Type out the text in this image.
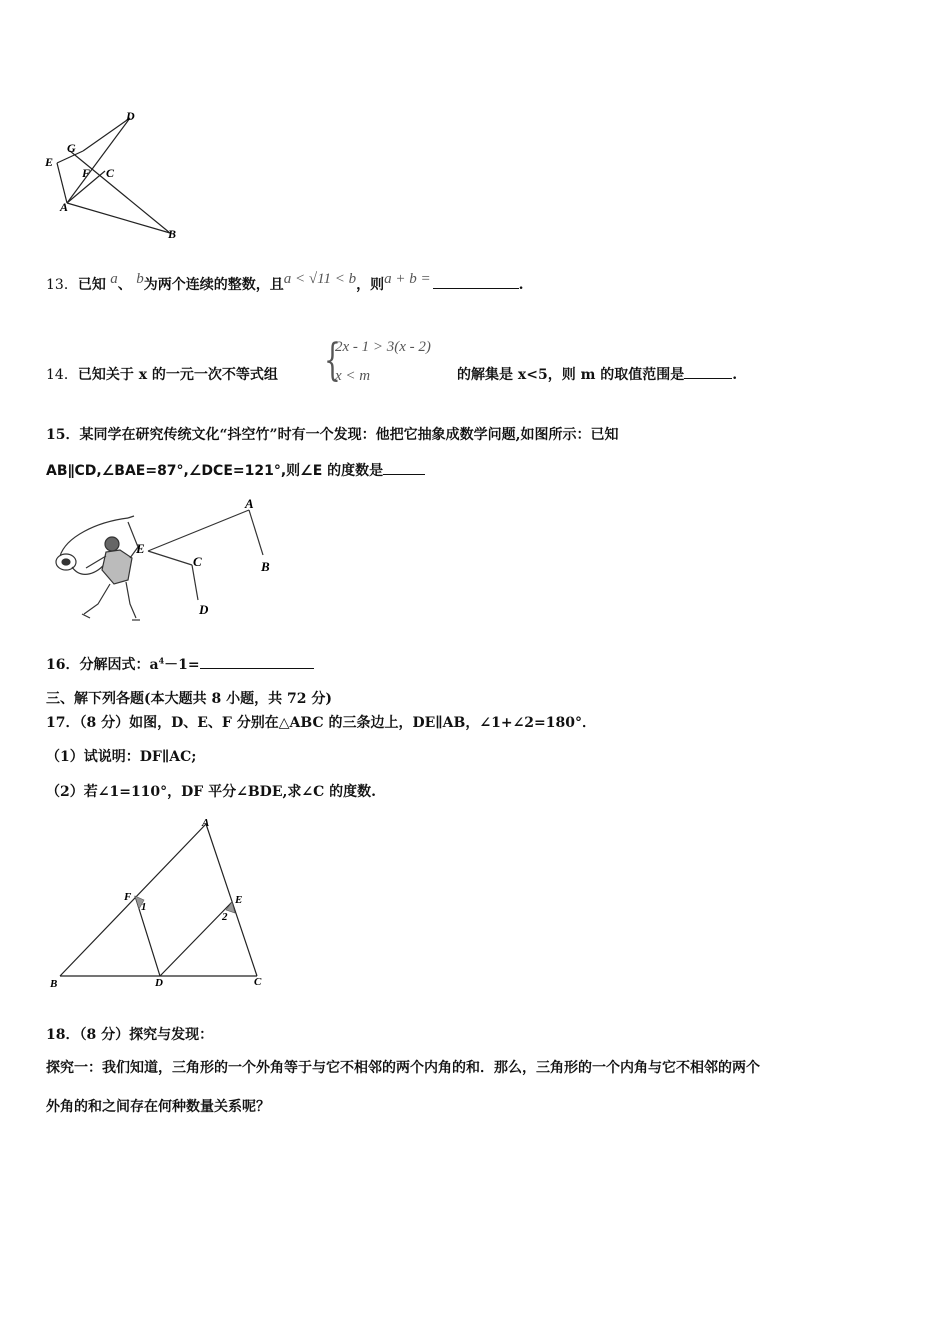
D
G
E
F C
A
B
13．已知 a、 b为两个连续的整数，且a < √11 < b，则a + b =	.
14．已知关于 x 的一元一次不等式组 {
2x - 1 > 3(x - 2)
x < m	的解集是 x<5，则 m 的取值范围是	.
15．某同学在研究传统文化“抖空竹”时有一个发现：他把它抽象成数学问题,如图所示：已知
AB∥CD,∠BAE=87°,∠DCE=121°,则∠E 的度数是
A
E
C	B
D
16．分解因式：$a^4-1=$
三、解下列各题(本大题共 8 小题，共 72 分)
17．（8 分）如图，D、E、F 分别在△ABC 的三条边上，DE∥AB，∠1+∠2=180°．
（1）试说明：DF∥AC;
（2）若∠1=110°，DF 平分∠BDE,求∠C 的度数.
A
F
1
E
2
B	D	C
18．（8 分）探究与发现：
探究一：我们知道，三角形的一个外角等于与它不相邻的两个内角的和．那么，三角形的一个内角与它不相邻的两个
外角的和之间存在何种数量关系呢？
